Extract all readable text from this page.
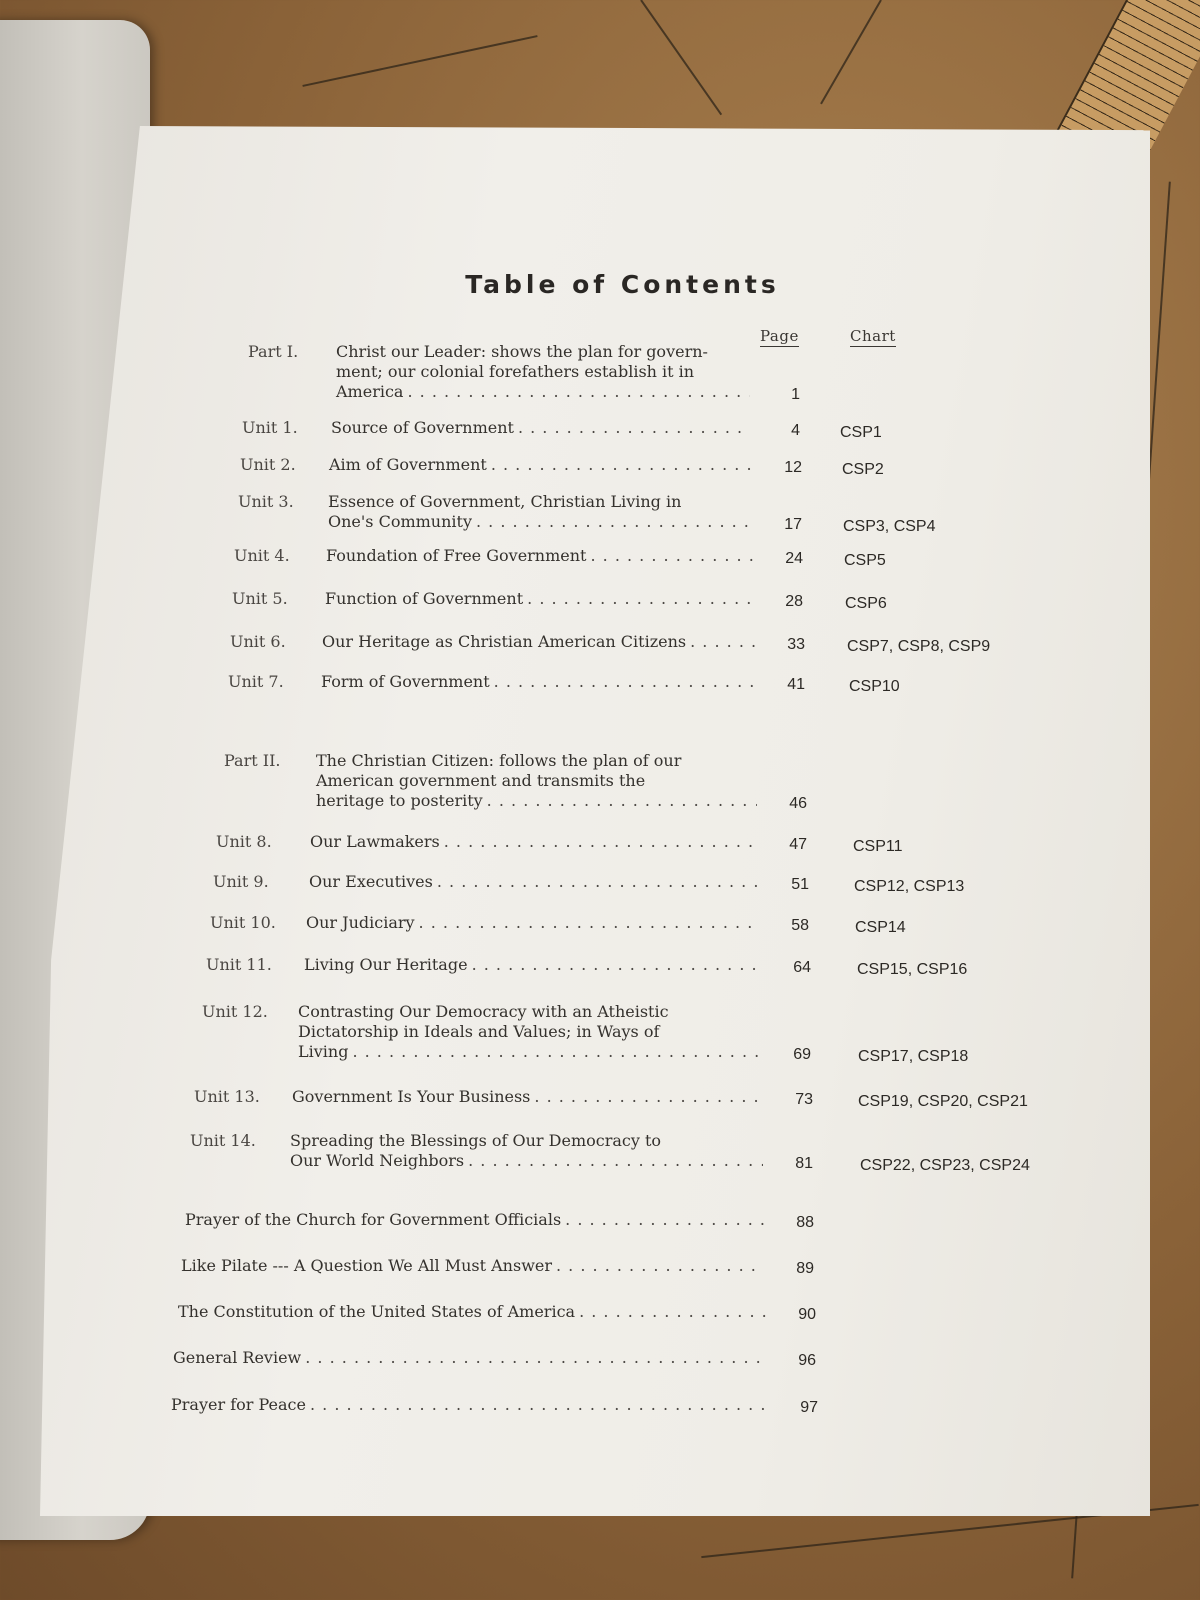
Table of Contents
Page	Chart
Part I. Christ our Leader: shows the plan for govern-
ment; our colonial forefathers establish it in
America . . .	1
Unit 1. Source of Government . . .	4	CSP1
Unit 2. Aim of Government . . .	12	CSP2
Unit 3. Essence of Government, Christian Living in
One's Community . . .	17	CSP3, CSP4
Unit 4. Foundation of Free Government . . .	24	CSP5
Unit 5. Function of Government . . .	28	CSP6
Unit 6. Our Heritage as Christian American Citizens . . .	33	CSP7, CSP8, CSP9
Unit 7. Form of Government . . .	41	CSP10
Part II. The Christian Citizen: follows the plan of our
American government and transmits the
heritage to posterity . . .	46
Unit 8. Our Lawmakers . . .	47	CSP11
Unit 9.	Our Executives . . .	51	CSP12, CSP13
Unit 10. Our Judiciary . . .	58	CSP14
Unit 11. Living Our Heritage . . .	64	CSP15, CSP16
Unit 12. Contrasting Our Democracy with an Atheistic
Dictatorship in Ideals and Values; in Ways of
Living . . .	69	CSP17, CSP18
Unit 13. Government Is Your Business . . .	73	CSP19, CSP20, CSP21
Unit 14. Spreading the Blessings of Our Democracy to
Our World Neighbors . . .	81	CSP22, CSP23, CSP24
Prayer of the Church for Government Officials . . .	88
Like Pilate --- A Question We All Must Answer . . .	89
The Constitution of the United States of America . . .	90
General Review . . .	96
Prayer for Peace . . .	97
